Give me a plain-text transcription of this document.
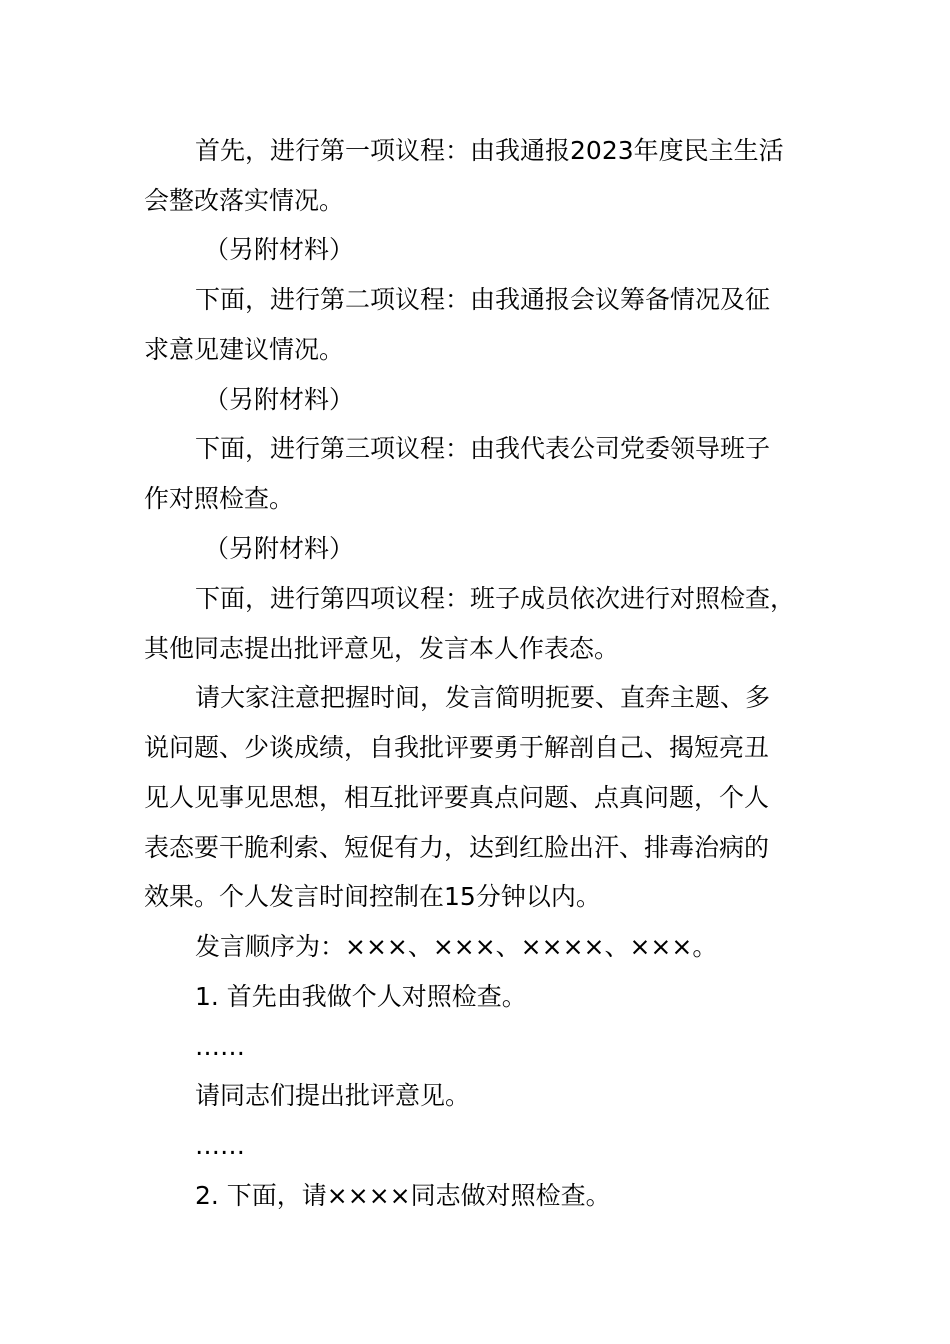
首先，进行第一项议程：由我通报2023年度民主生活
会整改落实情况。
（另附材料）
下面，进行第二项议程：由我通报会议筹备情况及征
求意见建议情况。
（另附材料）
下面，进行第三项议程：由我代表公司党委领导班子
作对照检查。
（另附材料）
下面，进行第四项议程：班子成员依次进行对照检查，
其他同志提出批评意见，发言本人作表态。
请大家注意把握时间，发言简明扼要、直奔主题、多
说问题、少谈成绩，自我批评要勇于解剖自己、揭短亮丑
见人见事见思想，相互批评要真点问题、点真问题，个人
表态要干脆利索、短促有力，达到红脸出汗、排毒治病的
效果。个人发言时间控制在15分钟以内。
发言顺序为：×××、×××、××××、×××。
1. 首先由我做个人对照检查。
……
请同志们提出批评意见。
……
2. 下面，请××××同志做对照检查。
